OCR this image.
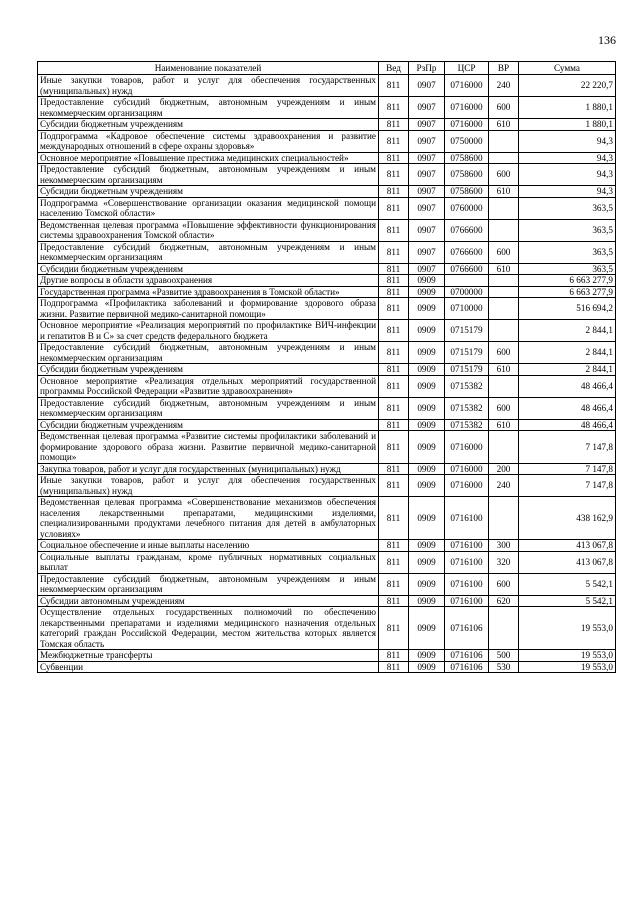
136
Наименование показателей	Вед	РзПр	ЦСР	ВР	Сумма
Иные закупки товаров, работ и услуг для обеспечения государственных (муниципальных) нужд	811	0907	0716000	240	22 220,7
Предоставление субсидий бюджетным, автономным учреждениям и иным некоммерческим организациям	811	0907	0716000	600	1 880,1
Субсидии бюджетным учреждениям	811	0907	0716000	610	1 880,1
Подпрограмма «Кадровое обеспечение системы здравоохранения и развитие международных отношений в сфере охраны здоровья»	811	0907	0750000		94,3
Основное мероприятие «Повышение престижа медицинских специальностей»	811	0907	0758600		94,3
Предоставление субсидий бюджетным, автономным учреждениям и иным некоммерческим организациям	811	0907	0758600	600	94,3
Субсидии бюджетным учреждениям	811	0907	0758600	610	94,3
Подпрограмма «Совершенствование организации оказания медицинской помощи населению Томской области»	811	0907	0760000		363,5
Ведомственная целевая программа «Повышение эффективности функционирования системы здравоохранения Томской области»	811	0907	0766600		363,5
Предоставление субсидий бюджетным, автономным учреждениям и иным некоммерческим организациям	811	0907	0766600	600	363,5
Субсидии бюджетным учреждениям	811	0907	0766600	610	363,5
Другие вопросы в области здравоохранения	811	0909			6 663 277,9
Государственная программа «Развитие здравоохранения в Томской области»	811	0909	0700000		6 663 277,9
Подпрограмма «Профилактика заболеваний и формирование здорового образа жизни. Развитие первичной медико-санитарной помощи»	811	0909	0710000		516 694,2
Основное мероприятие «Реализация мероприятий по профилактике ВИЧ-инфекции и гепатитов В и С» за счет средств федерального бюджета	811	0909	0715179		2 844,1
Предоставление субсидий бюджетным, автономным учреждениям и иным некоммерческим организациям	811	0909	0715179	600	2 844,1
Субсидии бюджетным учреждениям	811	0909	0715179	610	2 844,1
Основное мероприятие «Реализация отдельных мероприятий государственной программы Российской Федерации «Развитие здравоохранения»	811	0909	0715382		48 466,4
Предоставление субсидий бюджетным, автономным учреждениям и иным некоммерческим организациям	811	0909	0715382	600	48 466,4
Субсидии бюджетным учреждениям	811	0909	0715382	610	48 466,4
Ведомственная целевая программа «Развитие системы профилактики заболеваний и формирование здорового образа жизни. Развитие первичной медико-санитарной помощи»	811	0909	0716000		7 147,8
Закупка товаров, работ и услуг для государственных (муниципальных) нужд	811	0909	0716000	200	7 147,8
Иные закупки товаров, работ и услуг для обеспечения государственных (муниципальных) нужд	811	0909	0716000	240	7 147,8
Ведомственная целевая программа «Совершенствование механизмов обеспечения населения лекарственными препаратами, медицинскими изделиями, специализированными продуктами лечебного питания для детей в амбулаторных условиях»	811	0909	0716100		438 162,9
Социальное обеспечение и иные выплаты населению	811	0909	0716100	300	413 067,8
Социальные выплаты гражданам, кроме публичных нормативных социальных выплат	811	0909	0716100	320	413 067,8
Предоставление субсидий бюджетным, автономным учреждениям и иным некоммерческим организациям	811	0909	0716100	600	5 542,1
Субсидии автономным учреждениям	811	0909	0716100	620	5 542,1
Осуществление отдельных государственных полномочий по обеспечению лекарственными препаратами и изделиями медицинского назначения отдельных категорий граждан Российской Федерации, местом жительства которых является Томская область	811	0909	0716106		19 553,0
Межбюджетные трансферты	811	0909	0716106	500	19 553,0
Субвенции	811	0909	0716106	530	19 553,0
